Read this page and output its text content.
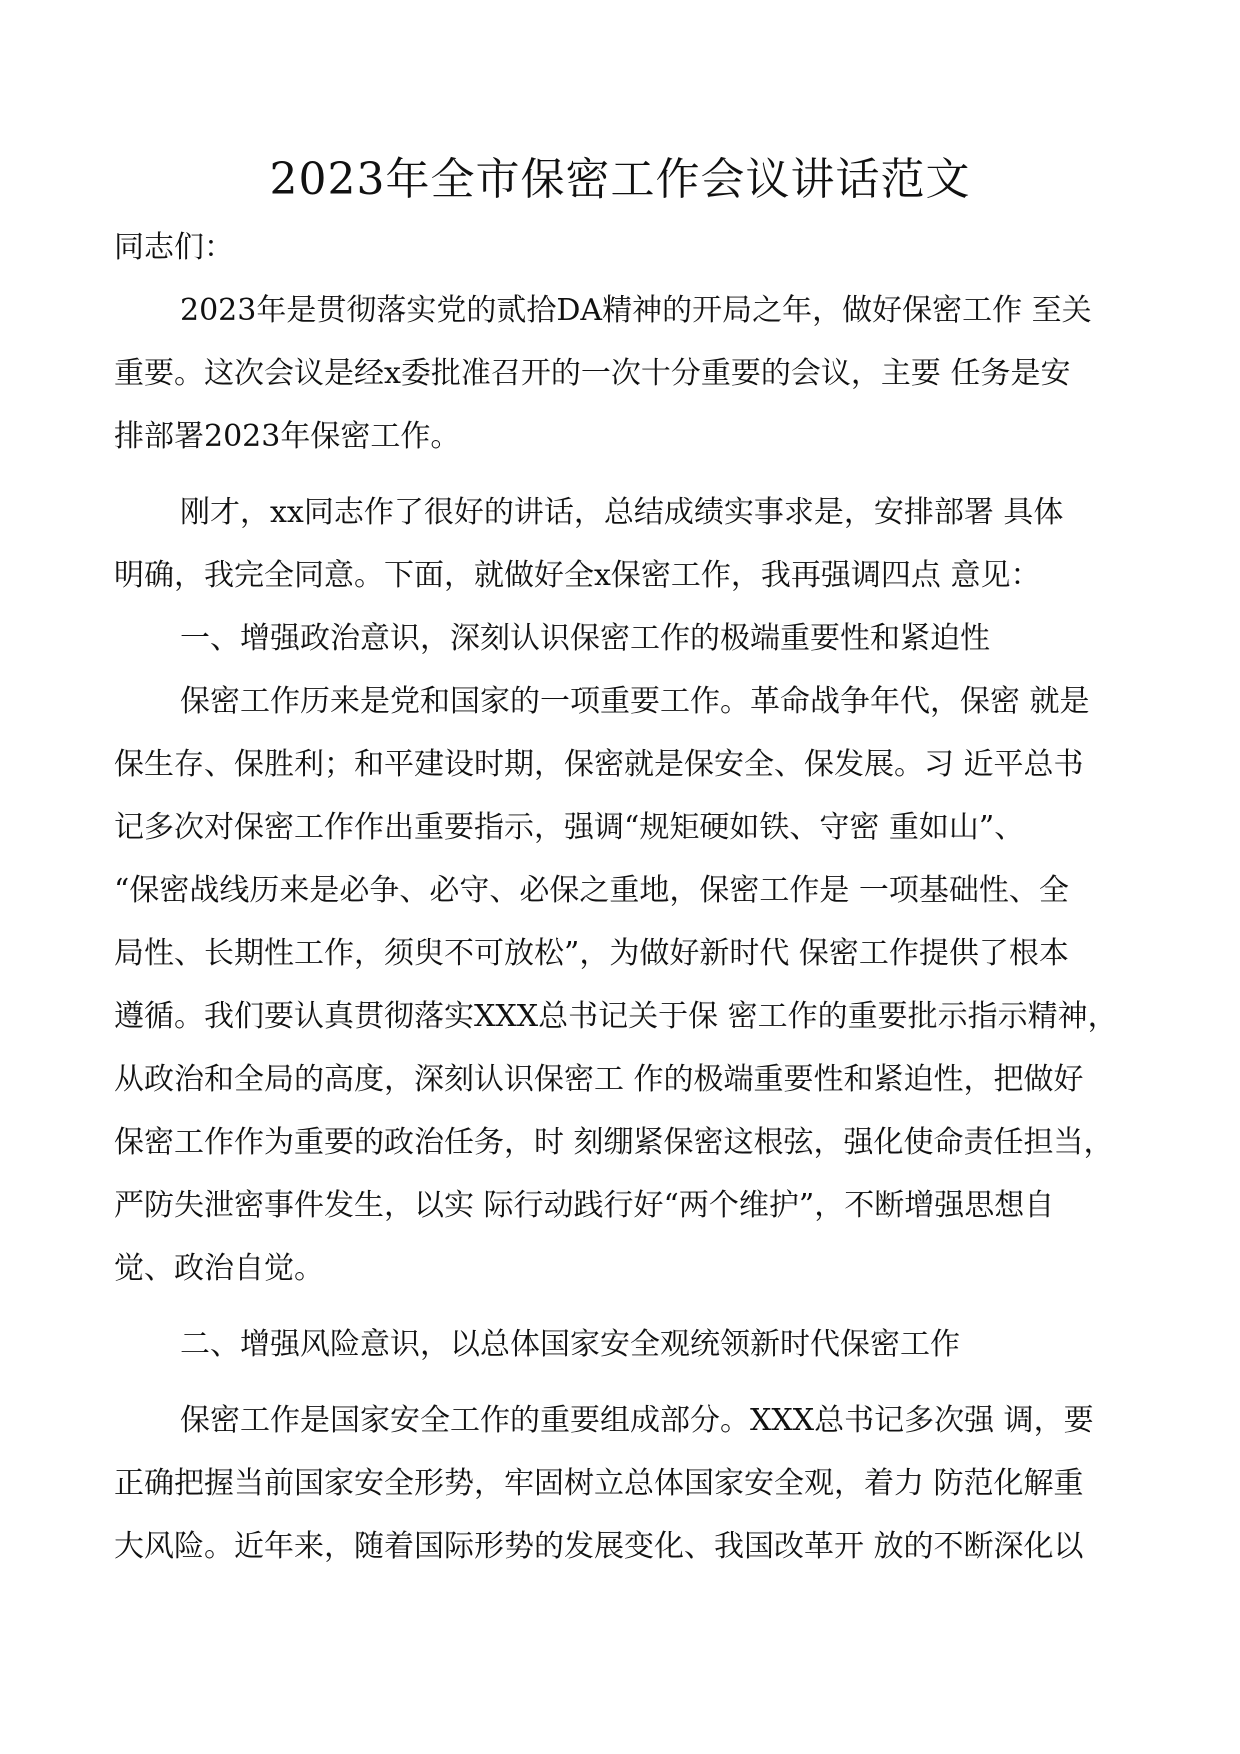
2023年全市保密工作会议讲话范文

同志们：

2023年是贯彻落实党的贰拾DA精神的开局之年，做好保密工作 至关

重要。这次会议是经x委批准召开的一次十分重要的会议，主要 任务是安

排部署2023年保密工作。

刚才，xx同志作了很好的讲话，总结成绩实事求是，安排部署 具体

明确，我完全同意。下面，就做好全x保密工作，我再强调四点 意见：

一、增强政治意识，深刻认识保密工作的极端重要性和紧迫性

保密工作历来是党和国家的一项重要工作。革命战争年代，保密 就是

保生存、保胜利；和平建设时期，保密就是保安全、保发展。习 近平总书

记多次对保密工作作出重要指示，强调“规矩硬如铁、守密 重如山”、

“保密战线历来是必争、必守、必保之重地，保密工作是 一项基础性、全

局性、长期性工作，须臾不可放松”，为做好新时代 保密工作提供了根本

遵循。我们要认真贯彻落实XXX总书记关于保 密工作的重要批示指示精神，

从政治和全局的高度，深刻认识保密工 作的极端重要性和紧迫性，把做好

保密工作作为重要的政治任务，时 刻绷紧保密这根弦，强化使命责任担当，

严防失泄密事件发生，以实 际行动践行好“两个维护”，不断增强思想自

觉、政治自觉。

二、增强风险意识，以总体国家安全观统领新时代保密工作

保密工作是国家安全工作的重要组成部分。XXX总书记多次强 调，要

正确把握当前国家安全形势，牢固树立总体国家安全观，着力 防范化解重

大风险。近年来，随着国际形势的发展变化、我国改革开 放的不断深化以
